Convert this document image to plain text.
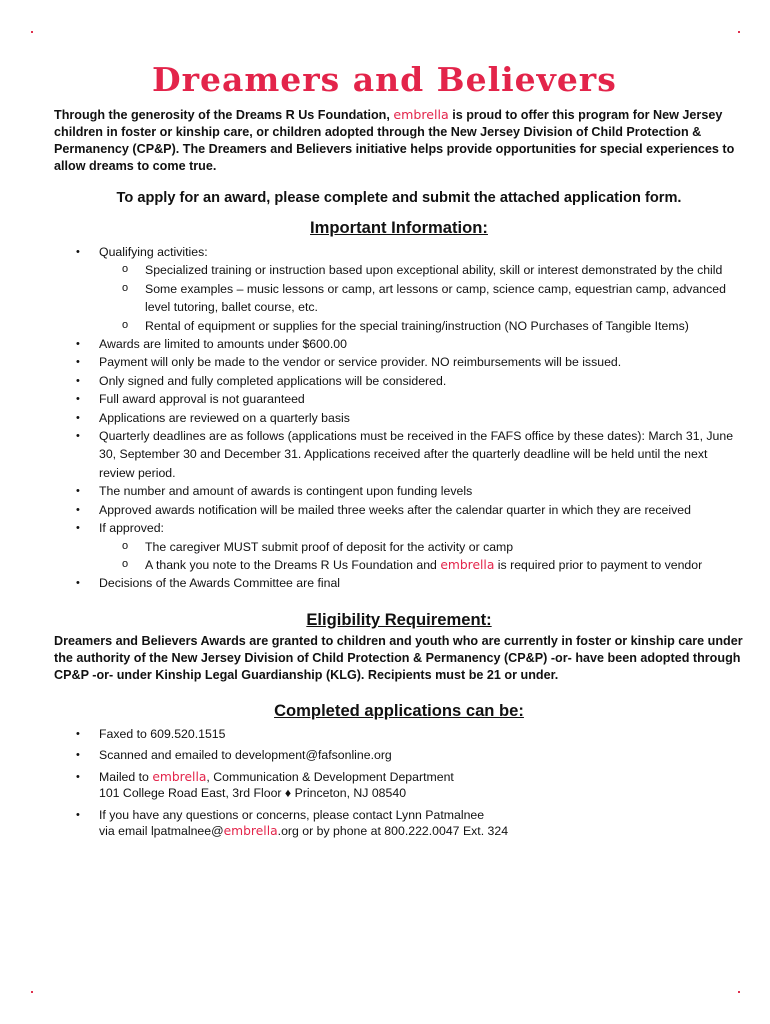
Dreamers and Believers

Through the generosity of the Dreams R Us Foundation, embrella is proud to offer this program for New Jersey children in foster or kinship care, or children adopted through the New Jersey Division of Child Protection & Permanency (CP&P). The Dreamers and Believers initiative helps provide opportunities for special experiences to allow dreams to come true.

To apply for an award, please complete and submit the attached application form.

Important Information:
• Qualifying activities:
o Specialized training or instruction based upon exceptional ability, skill or interest demonstrated by the child
o Some examples – music lessons or camp, art lessons or camp, science camp, equestrian camp, advanced level tutoring, ballet course, etc.
o Rental of equipment or supplies for the special training/instruction (NO Purchases of Tangible Items)
• Awards are limited to amounts under $600.00
• Payment will only be made to the vendor or service provider. NO reimbursements will be issued.
• Only signed and fully completed applications will be considered.
• Full award approval is not guaranteed
• Applications are reviewed on a quarterly basis
• Quarterly deadlines are as follows (applications must be received in the FAFS office by these dates): March 31, June 30, September 30 and December 31. Applications received after the quarterly deadline will be held until the next review period.
• The number and amount of awards is contingent upon funding levels
• Approved awards notification will be mailed three weeks after the calendar quarter in which they are received
• If approved:
o The caregiver MUST submit proof of deposit for the activity or camp
o A thank you note to the Dreams R Us Foundation and embrella is required prior to payment to vendor
• Decisions of the Awards Committee are final
Eligibility Requirement:

Dreamers and Believers Awards are granted to children and youth who are currently in foster or kinship care under the authority of the New Jersey Division of Child Protection & Permanency (CP&P) -or- have been adopted through CP&P -or- under Kinship Legal Guardianship (KLG). Recipients must be 21 or under.

Completed applications can be:
• Faxed to 609.520.1515
• Scanned and emailed to development@fafsonline.org
• Mailed to embrella, Communication & Development Department
101 College Road East, 3rd Floor ♦ Princeton, NJ 08540
• If you have any questions or concerns, please contact Lynn Patmalnee
via email lpatmalnee@embrella.org or by phone at 800.222.0047 Ext. 324
